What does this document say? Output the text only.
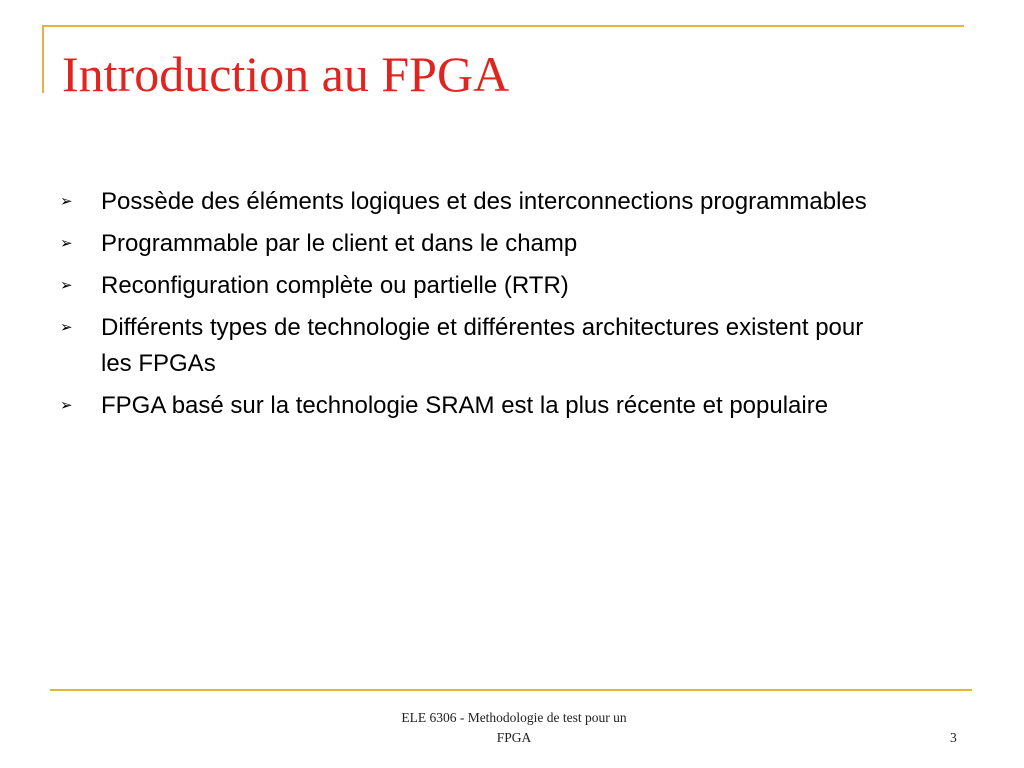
Introduction au FPGA
➢	Possède des éléments logiques et des interconnections programmables
➢	Programmable par le client et dans le champ
➢	Reconfiguration complète ou partielle (RTR)
➢	Différents types de technologie et différentes architectures existent pour les FPGAs
➢	FPGA basé sur la technologie SRAM est la plus récente et populaire
ELE 6306 - Methodologie de test pour un
FPGA	3
